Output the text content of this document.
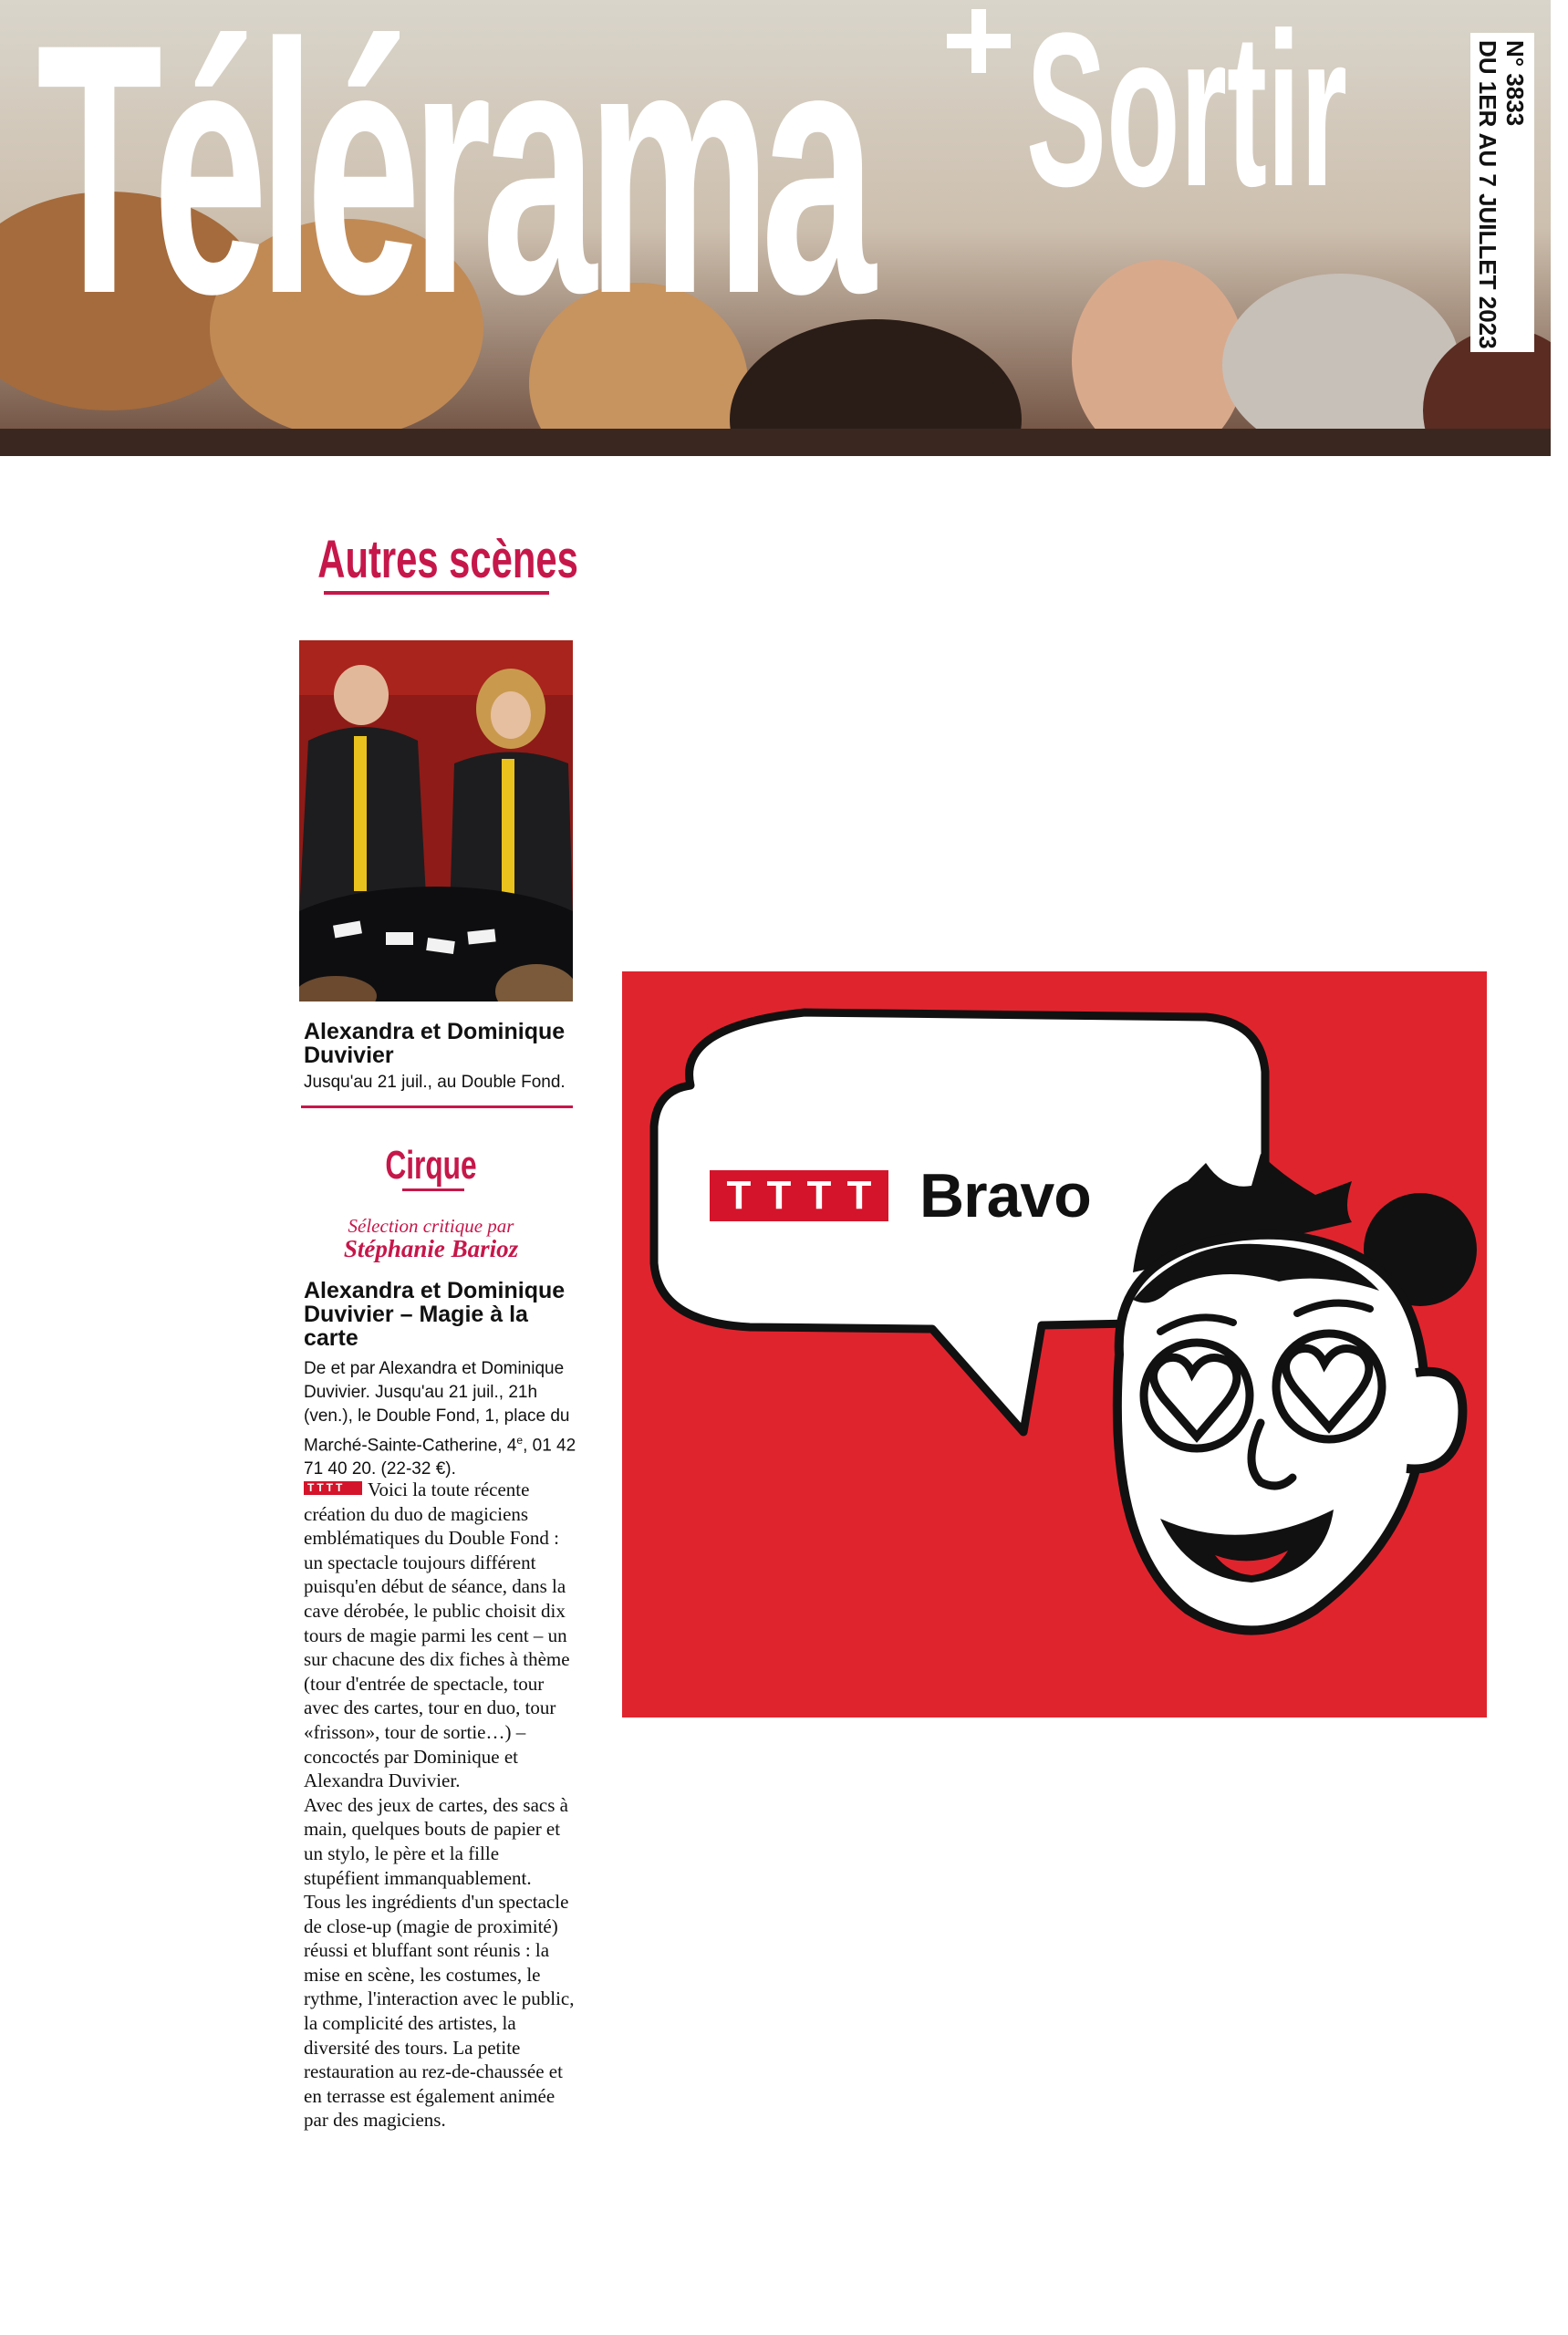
Télérama Sortir	N° 3833
DU 1ER AU 7 JUILLET 2023
Autres scènes
Alexandra et Dominique Duvivier
Jusqu'au 21 juil., au Double Fond.
Cirque
Sélection critique par
Stéphanie Barioz
Alexandra et Dominique Duvivier – Magie à la carte
De et par Alexandra et Dominique Duvivier. Jusqu'au 21 juil., 21h (ven.), le Double Fond, 1, place du Marché-Sainte-Catherine, 4e, 01 42 71 40 20. (22-32 €).

TTTT Voici la toute récente création du duo de magiciens emblématiques du Double Fond : un spectacle toujours différent puisqu'en début de séance, dans la cave dérobée, le public choisit dix tours de magie parmi les cent – un sur chacune des dix fiches à thème (tour d'entrée de spectacle, tour avec des cartes, tour en duo, tour «frisson», tour de sortie…) – concoctés par Dominique et Alexandra Duvivier.

Avec des jeux de cartes, des sacs à main, quelques bouts de papier et un stylo, le père et la fille stupéfient immanquablement.

Tous les ingrédients d'un spectacle de close-up (magie de proximité) réussi et bluffant sont réunis : la mise en scène, les costumes, le rythme, l'interaction avec le public, la complicité des artistes, la diversité des tours. La petite restauration au rez-de-chaussée et en terrasse est également animée par des magiciens.

T T T T Bravo
